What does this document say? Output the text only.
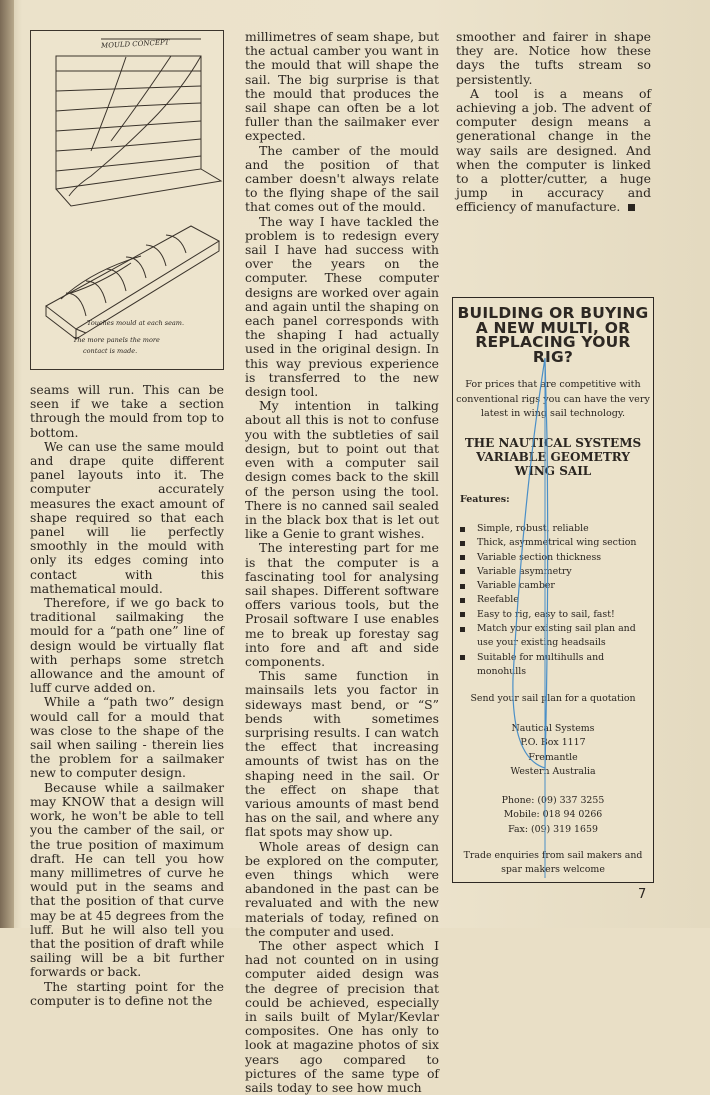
MOULD CONCEPT
Touches mould at each seam.
The more panels the more
contact is made.

seams will run. This can be seen if we take a section through the mould from top to bottom.

We can use the same mould and drape quite different panel layouts into it. The computer accurately measures the exact amount of shape required so that each panel will lie perfectly smoothly in the mould with only its edges coming into contact with this mathematical mould.

Therefore, if we go back to traditional sailmaking the mould for a “path one” line of design would be virtually flat with perhaps some stretch allowance and the amount of luff curve added on.

While a “path two” design would call for a mould that was close to the shape of the sail when sailing - therein lies the problem for a sailmaker new to computer design.

Because while a sailmaker may KNOW that a design will work, he won't be able to tell you the camber of the sail, or the true position of maximum draft. He can tell you how many millimetres of curve he would put in the seams and that the position of that curve may be at 45 degrees from the luff. But he will also tell you that the position of draft while sailing will be a bit further forwards or back.

The starting point for the computer is to define not the

millimetres of seam shape, but the actual camber you want in the mould that will shape the sail. The big surprise is that the mould that produces the sail shape can often be a lot fuller than the sailmaker ever expected.

The camber of the mould and the position of that camber doesn't always relate to the flying shape of the sail that comes out of the mould.

The way I have tackled the problem is to redesign every sail I have had success with over the years on the computer. These computer designs are worked over again and again until the shaping on each panel corresponds with the shaping I had actually used in the original design. In this way previous experience is transferred to the new design tool.

My intention in talking about all this is not to confuse you with the subtleties of sail design, but to point out that even with a computer sail design comes back to the skill of the person using the tool. There is no canned sail sealed in the black box that is let out like a Genie to grant wishes.

The interesting part for me is that the computer is a fascinating tool for analysing sail shapes. Different software offers various tools, but the Prosail software I use enables me to break up forestay sag into fore and aft and side components.

This same function in mainsails lets you factor in sideways mast bend, or “S” bends with sometimes surprising results. I can watch the effect that increasing amounts of twist has on the shaping need in the sail. Or the effect on shape that various amounts of mast bend has on the sail, and where any flat spots may show up.

Whole areas of design can be explored on the computer, even things which were abandoned in the past can be revaluated and with the new materials of today, refined on the computer and used.

The other aspect which I had not counted on in using computer aided design was the degree of precision that could be achieved, especially in sails built of Mylar/Kevlar composites. One has only to look at magazine photos of six years ago compared to pictures of the same type of sails today to see how much

smoother and fairer in shape they are. Notice how these days the tufts stream so persistently.

A tool is a means of achieving a job. The advent of computer design means a generational change in the way sails are designed. And when the computer is linked to a plotter/cutter, a huge jump in accuracy and efficiency of manufacture.

BUILDING OR BUYING
A NEW MULTI, OR
REPLACING YOUR
RIG?
For prices that are competitive with
conventional rigs you can have the very
latest in wing sail technology.
THE NAUTICAL SYSTEMS
VARIABLE GEOMETRY
WING SAIL
Features:
Simple, robust, reliable
Thick, asymmetrical wing section
Variable section thickness
Variable asymmetry
Variable camber
Reefable
Easy to rig, easy to sail, fast!
Match your existing sail plan and use your existing headsails
Suitable for multihulls and monohulls
Send your sail plan for a quotation
Nautical Systems
P.O. Box 1117
Fremantle
Western Australia
Phone: (09) 337 3255
Mobile: 018 94 0266
Fax: (09) 319 1659
Trade enquiries from sail makers and
spar makers welcome
7
